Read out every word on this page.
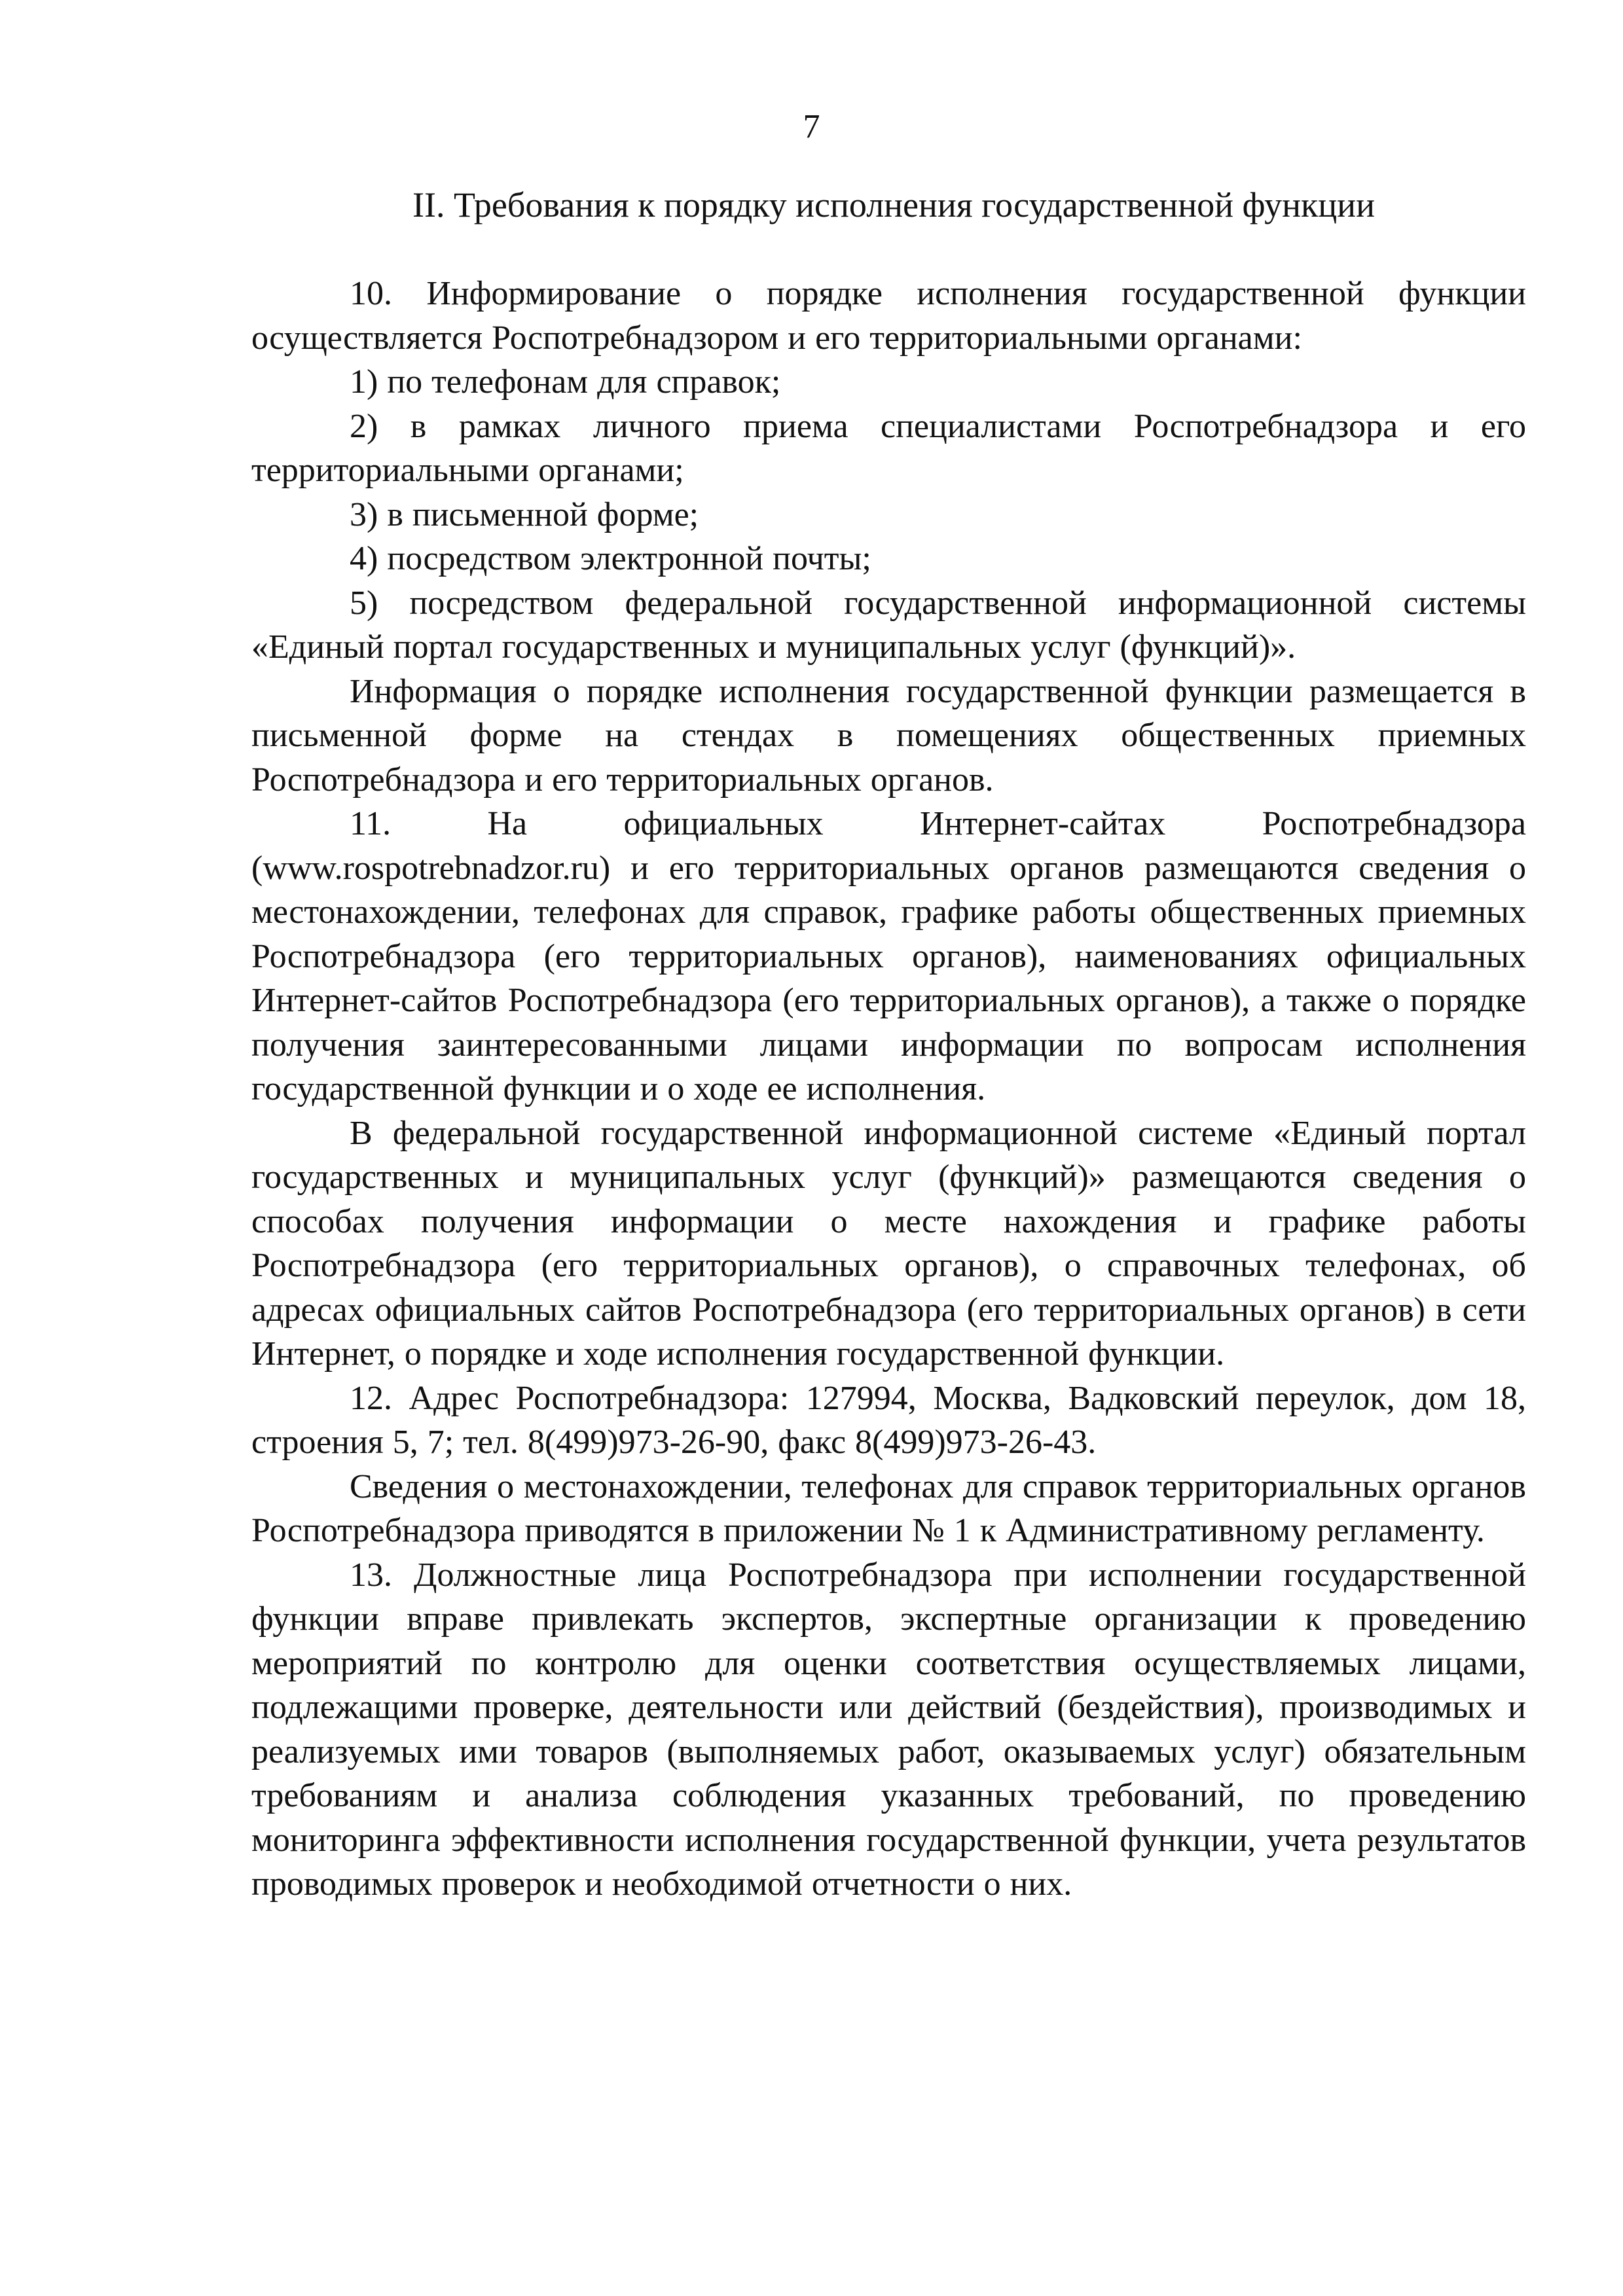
7
II. Требования к порядку исполнения государственной функции

10. Информирование о порядке исполнения государственной функции осуществляется Роспотребнадзором и его территориальными органами:

1) по телефонам для справок;

2) в рамках личного приема специалистами Роспотребнадзора и его территориальными органами;

3) в письменной форме;

4) посредством электронной почты;

5) посредством федеральной государственной информационной системы «Единый портал государственных и муниципальных услуг (функций)».

Информация о порядке исполнения государственной функции размещается в письменной форме на стендах в помещениях общественных приемных Роспотребнадзора и его территориальных органов.

11. На официальных Интернет-сайтах Роспотребнадзора (www.rospotrebnadzor.ru) и его территориальных органов размещаются сведения о местонахождении, телефонах для справок, графике работы общественных приемных Роспотребнадзора (его территориальных органов), наименованиях официальных Интернет-сайтов Роспотребнадзора (его территориальных органов), а также о порядке получения заинтересованными лицами информации по вопросам исполнения государственной функции и о ходе ее исполнения.

В федеральной государственной информационной системе «Единый портал государственных и муниципальных услуг (функций)» размещаются сведения о способах получения информации о месте нахождения и графике работы Роспотребнадзора (его территориальных органов), о справочных телефонах, об адресах официальных сайтов Роспотребнадзора (его территориальных органов) в сети Интернет, о порядке и ходе исполнения государственной функции.

12. Адрес Роспотребнадзора: 127994, Москва, Вадковский переулок, дом 18, строения 5, 7; тел. 8(499)973-26-90, факс 8(499)973-26-43.

Сведения о местонахождении, телефонах для справок территориальных органов Роспотребнадзора приводятся в приложении № 1 к Административному регламенту.

13. Должностные лица Роспотребнадзора при исполнении государственной функции вправе привлекать экспертов, экспертные организации к проведению мероприятий по контролю для оценки соответствия осуществляемых лицами, подлежащими проверке, деятельности или действий (бездействия), производимых и реализуемых ими товаров (выполняемых работ, оказываемых услуг) обязательным требованиям и анализа соблюдения указанных требований, по проведению мониторинга эффективности исполнения государственной функции, учета результатов проводимых проверок и необходимой отчетности о них.
